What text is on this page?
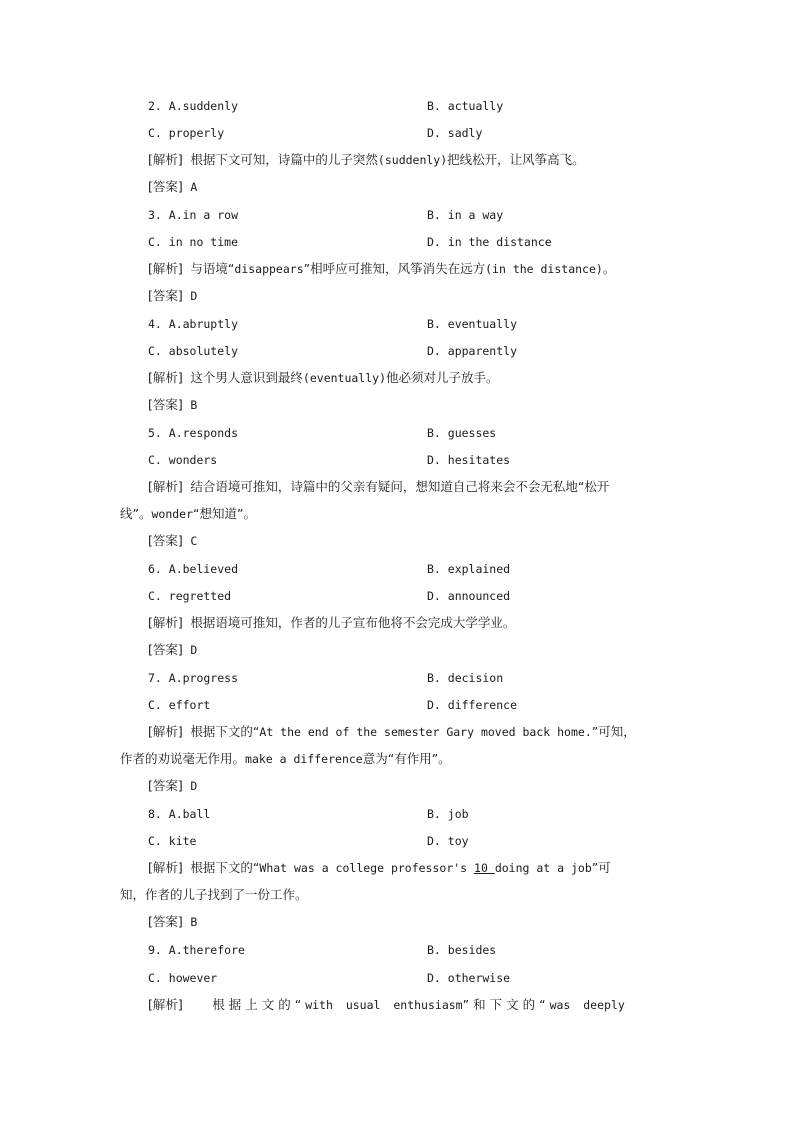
2. A.suddenly	B. actually
C. properly	D. sadly
[解析] 根据下文可知，诗篇中的儿子突然(suddenly)把线松开，让风筝高飞。
[答案] A
3. A.in a row	B. in a way
C. in no time	D. in the distance
[解析] 与语境“disappears”相呼应可推知，风筝消失在远方(in the distance)。
[答案] D
4. A.abruptly	B. eventually
C. absolutely	D. apparently
[解析] 这个男人意识到最终(eventually)他必须对儿子放手。
[答案] B
5. A.responds	B. guesses
C. wonders	D. hesitates
[解析] 结合语境可推知，诗篇中的父亲有疑问，想知道自己将来会不会无私地“松开
线”。wonder“想知道”。
[答案] C
6. A.believed	B. explained
C. regretted	D. announced
[解析] 根据语境可推知，作者的儿子宣布他将不会完成大学学业。
[答案] D
7. A.progress	B. decision
C. effort	D. difference
[解析] 根据下文的“At the end of the semester Gary moved back home.”可知，
作者的劝说毫无作用。make a difference意为“有作用”。
[答案] D
8. A.ball	B. job
C. kite	D. toy
[解析] 根据下文的“What was a college professor's 10 doing at a job”可
知，作者的儿子找到了一份工作。
[答案] B
9. A.therefore	B. besides
C. however	D. otherwise
[解析] 根据上文的“with usual enthusiasm”和下文的“was deeply
